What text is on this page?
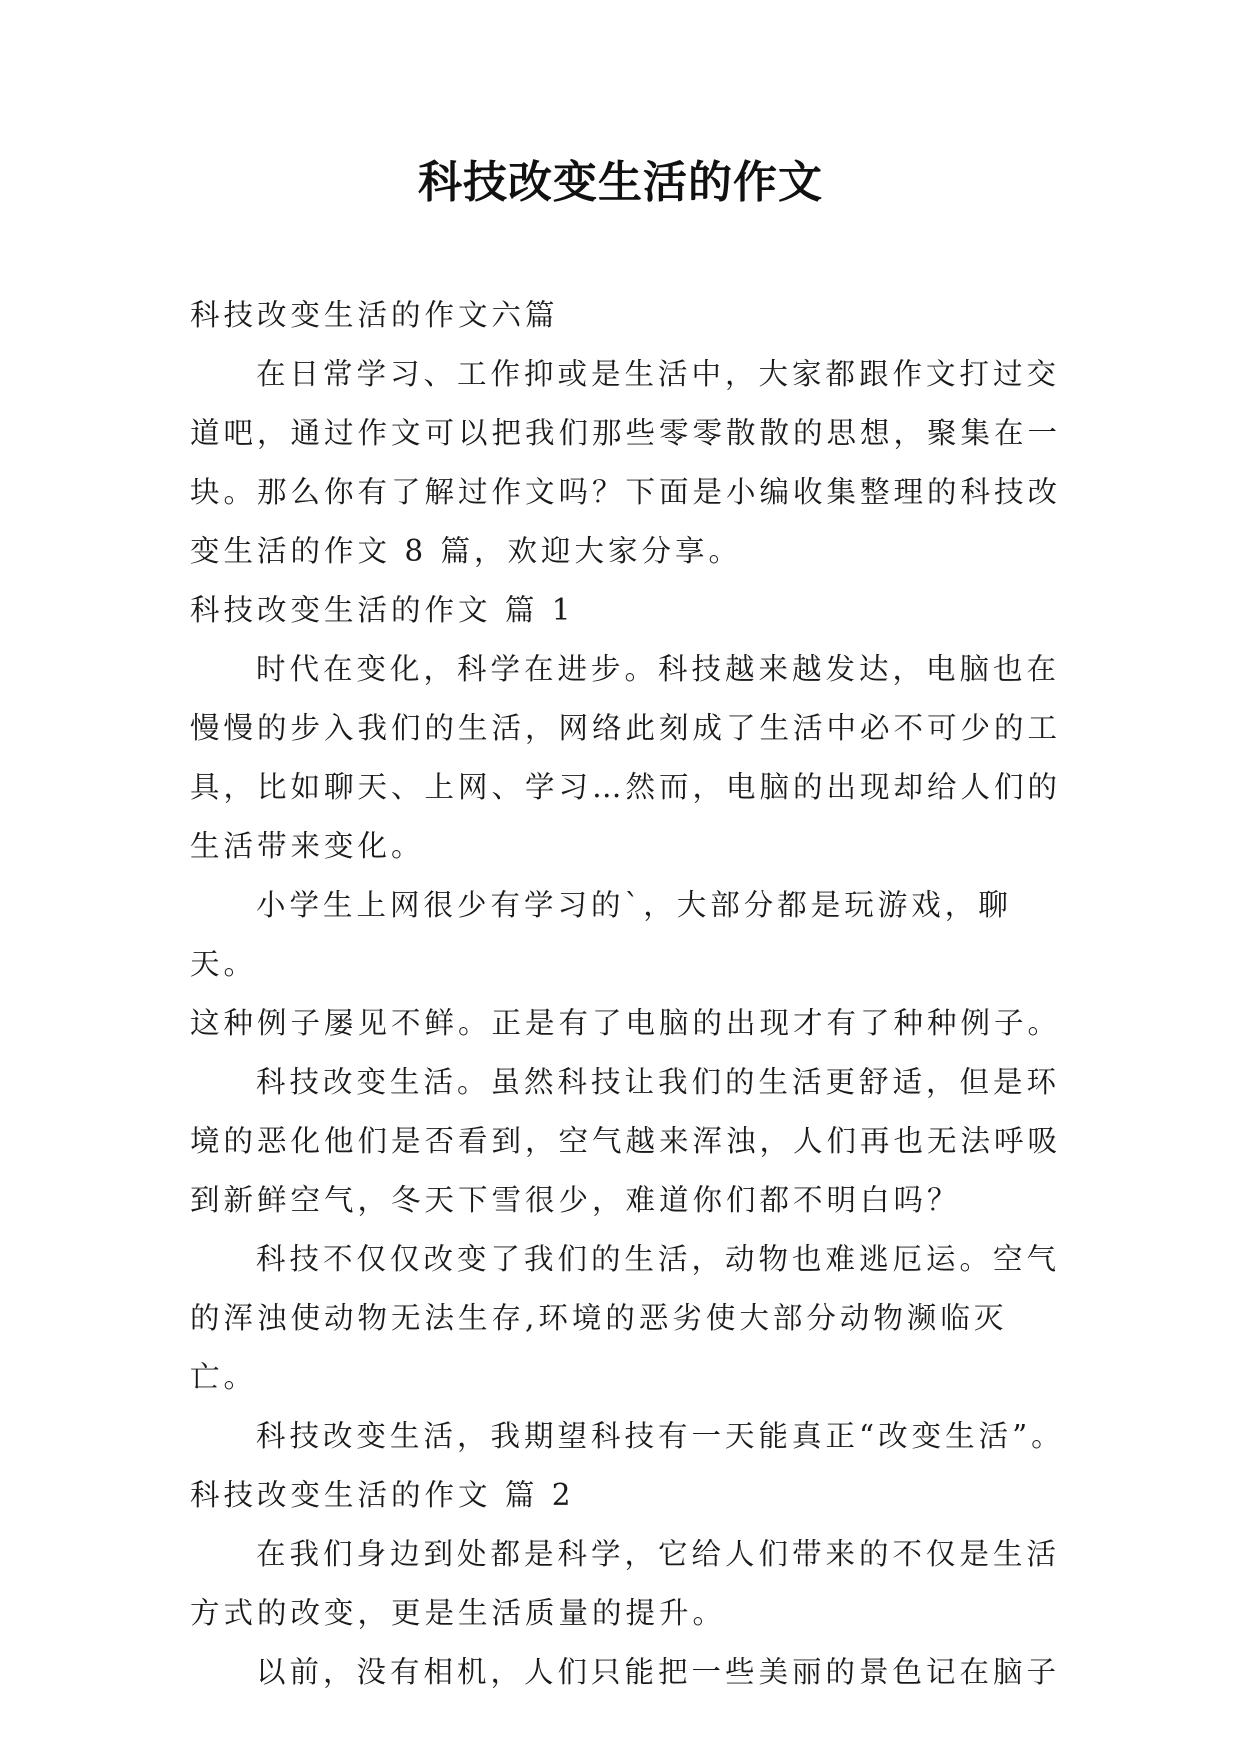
科技改变生活的作文

科技改变生活的作文六篇

在日常学习、工作抑或是生活中，大家都跟作文打过交
道吧，通过作文可以把我们那些零零散散的思想，聚集在一
块。那么你有了解过作文吗？下面是小编收集整理的科技改
变生活的作文 8 篇，欢迎大家分享。

科技改变生活的作文 篇 1

时代在变化，科学在进步。科技越来越发达，电脑也在
慢慢的步入我们的生活，网络此刻成了生活中必不可少的工
具，比如聊天、上网、学习…然而，电脑的出现却给人们的
生活带来变化。

小学生上网很少有学习的`，大部分都是玩游戏，聊天。
这种例子屡见不鲜。正是有了电脑的出现才有了种种例子。

科技改变生活。虽然科技让我们的生活更舒适，但是环
境的恶化他们是否看到，空气越来浑浊，人们再也无法呼吸
到新鲜空气，冬天下雪很少，难道你们都不明白吗？

科技不仅仅改变了我们的生活，动物也难逃厄运。空气
的浑浊使动物无法生存,环境的恶劣使大部分动物濒临灭亡。

科技改变生活，我期望科技有一天能真正“改变生活”。

科技改变生活的作文 篇 2

在我们身边到处都是科学，它给人们带来的不仅是生活
方式的改变，更是生活质量的提升。

以前，没有相机，人们只能把一些美丽的景色记在脑子
